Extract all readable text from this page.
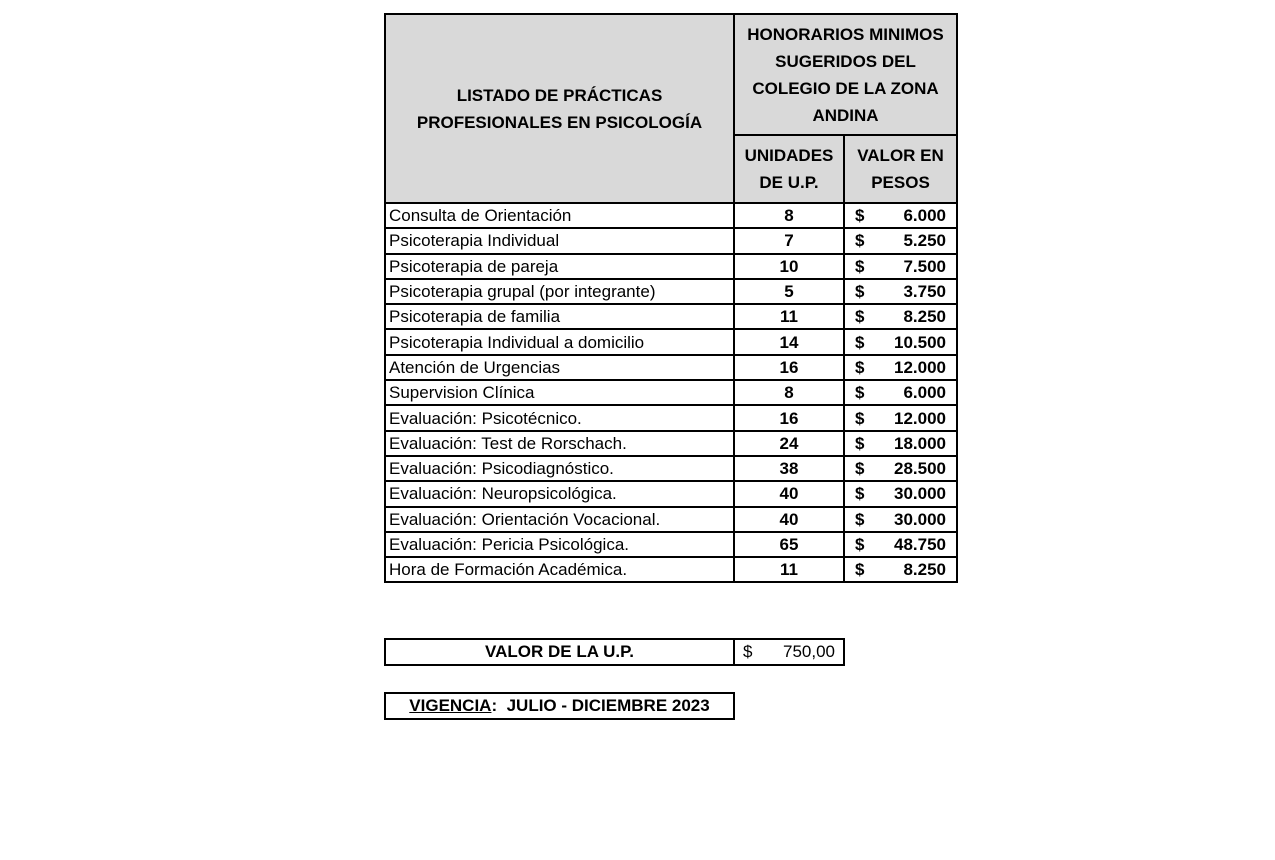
LISTADO DE PRÁCTICAS PROFESIONALES EN PSICOLOGÍA	HONORARIOS MINIMOS SUGERIDOS DEL COLEGIO DE LA ZONA ANDINA	
	UNIDADES DE U.P.	VALOR EN PESOS
Consulta de Orientación	8	$ 6.000

Psicoterapia Individual	7	$ 5.250

Psicoterapia de pareja	10	$ 7.500

Psicoterapia grupal (por integrante)	5	$ 3.750

Psicoterapia de familia	11	$ 8.250

Psicoterapia Individual a domicilio	14	$ 10.500

Atención de Urgencias	16	$ 12.000

Supervision Clínica	8	$ 6.000

Evaluación: Psicotécnico.	16	$ 12.000

Evaluación: Test de Rorschach.	24	$ 18.000

Evaluación: Psicodiagnóstico.	38	$ 28.500

Evaluación: Neuropsicológica.	40	$ 30.000

Evaluación: Orientación Vocacional.	40	$ 30.000

Evaluación: Pericia Psicológica.	65	$ 48.750

Hora de Formación Académica.	11	$ 8.250
VALOR DE LA U.P.	$ 750,00
VIGENCIA: JULIO - DICIEMBRE 2023
